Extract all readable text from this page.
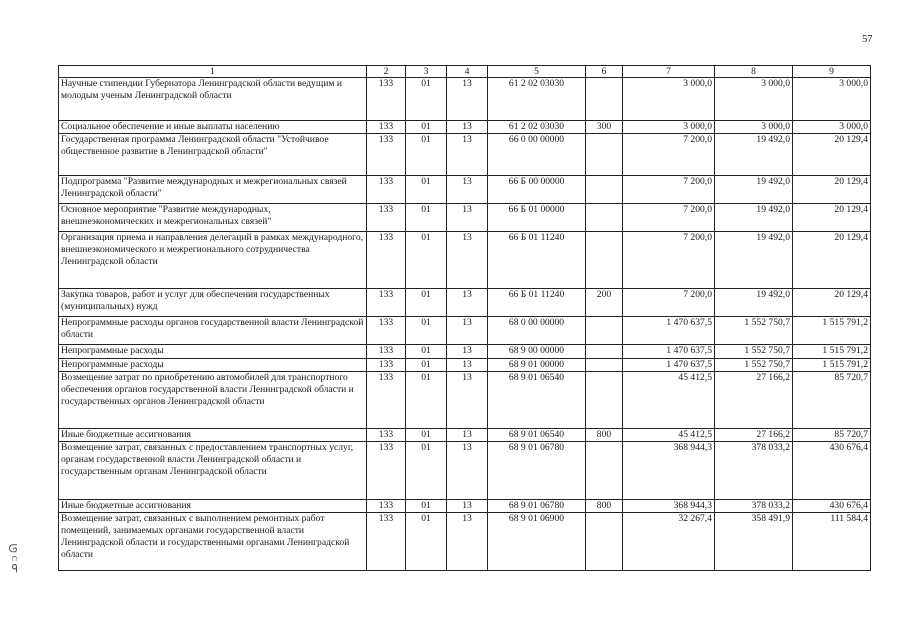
57
1	2	3	4	5	6	7	8	9
Научные стипендии Губернатора Ленинградской области ведущим и молодым ученым Ленинградской области	133	01	13	61 2 02 03030		3 000,0	3 000,0	3 000,0
Социальное обеспечение и иные выплаты населению	133	01	13	61 2 02 03030	300	3 000,0	3 000,0	3 000,0
Государственная программа Ленинградской области "Устойчивое общественное развитие в Ленинградской области"	133	01	13	66 0 00 00000		7 200,0	19 492,0	20 129,4
Подпрограмма "Развитие международных и межрегиональных связей Ленинградской области"	133	01	13	66 Б 00 00000		7 200,0	19 492,0	20 129,4
Основное мероприятие "Развитие международных, внешнеэкономических и межрегиональных связей"	133	01	13	66 Б 01 00000		7 200,0	19 492,0	20 129,4
Организация приема и направления делегаций в рамках международного, внешнеэкономического и межрегионального сотрудничества Ленинградской области	133	01	13	66 Б 01 11240		7 200,0	19 492,0	20 129,4
Закупка товаров, работ и услуг для обеспечения государственных (муниципальных) нужд	133	01	13	66 Б 01 11240	200	7 200,0	19 492,0	20 129,4
Непрограммные расходы органов государственной власти Ленинградской области	133	01	13	68 0 00 00000		1 470 637,5	1 552 750,7	1 515 791,2
Непрограммные расходы	133	01	13	68 9 00 00000		1 470 637,5	1 552 750,7	1 515 791,2
Непрограммные расходы	133	01	13	68 9 01 00000		1 470 637,5	1 552 750,7	1 515 791,2
Возмещение затрат по приобретению автомобилей для транспортного обеспечения органов государственной власти Ленинградской области и государственных органов Ленинградской области	133	01	13	68 9 01 06540		45 412,5	27 166,2	85 720,7
Иные бюджетные ассигнования	133	01	13	68 9 01 06540	800	45 412,5	27 166,2	85 720,7
Возмещение затрат, связанных с предоставлением транспортных услуг, органам государственной власти Ленинградской области и государственным органам Ленинградской области	133	01	13	68 9 01 06780		368 944,3	378 033,2	430 676,4
Иные бюджетные ассигнования	133	01	13	68 9 01 06780	800	368 944,3	378 033,2	430 676,4
Возмещение затрат, связанных с выполнением ремонтных работ помещений, занимаемых органами государственной власти Ленинградской области и государственными органами Ленинградской области	133	01	13	68 9 01 06900		32 267,4	358 491,9	111 584,4
ᓄ ᴐ ᘏ
